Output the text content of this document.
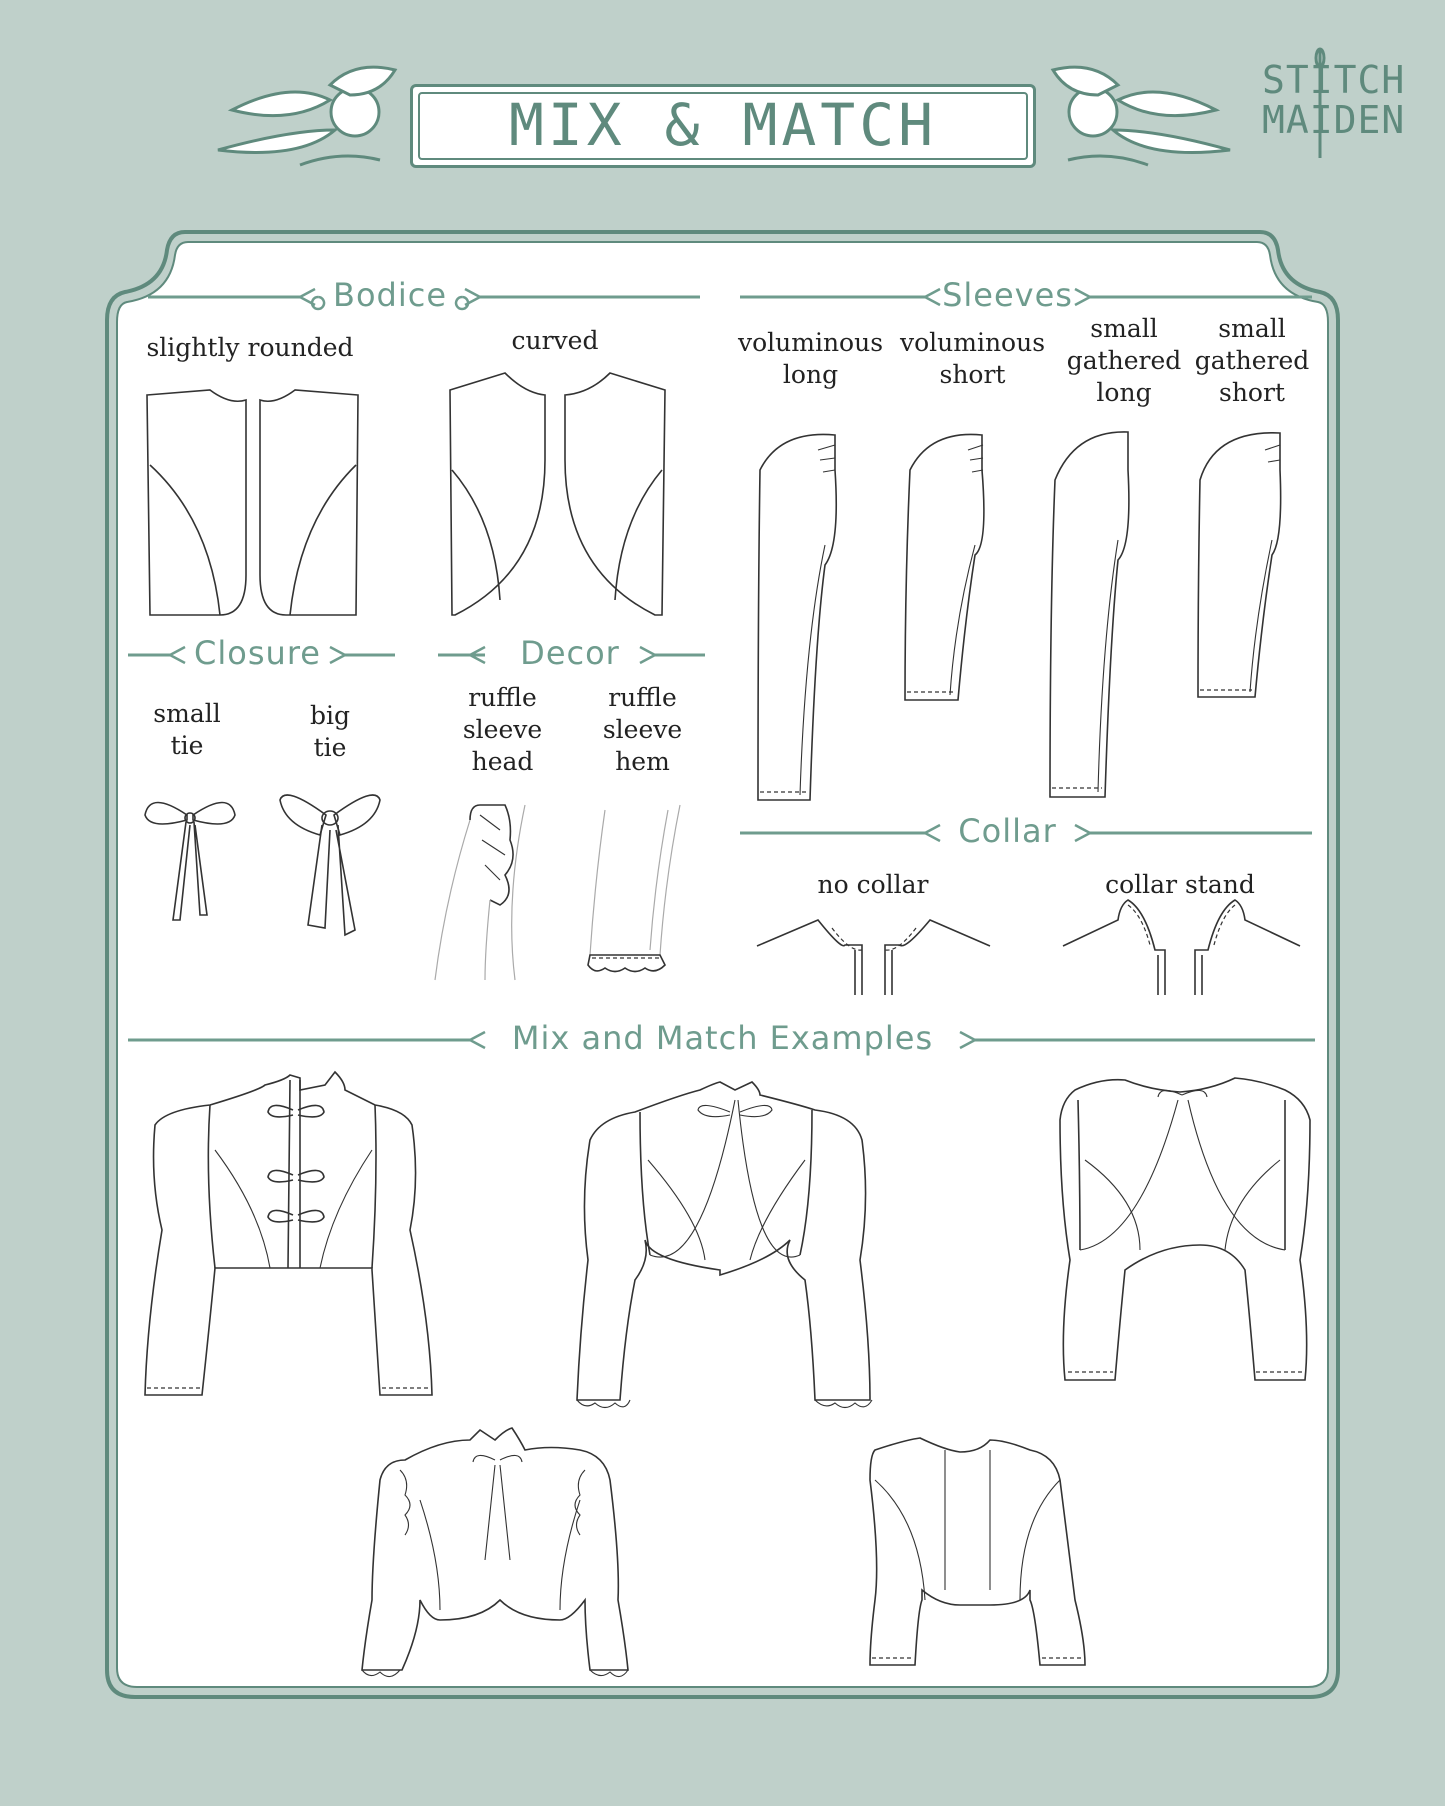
MIX & MATCH
STITCH
MAIDEN
Bodice	Sleeves
Closure	Decor
Collar
Mix and Match Examples
slightly rounded	curved	voluminous
long
voluminous
short
small
gathered
long
small
gathered
short
small
tie
big
tie
ruffle
sleeve
head
ruffle
sleeve
hem
no collar	collar stand
